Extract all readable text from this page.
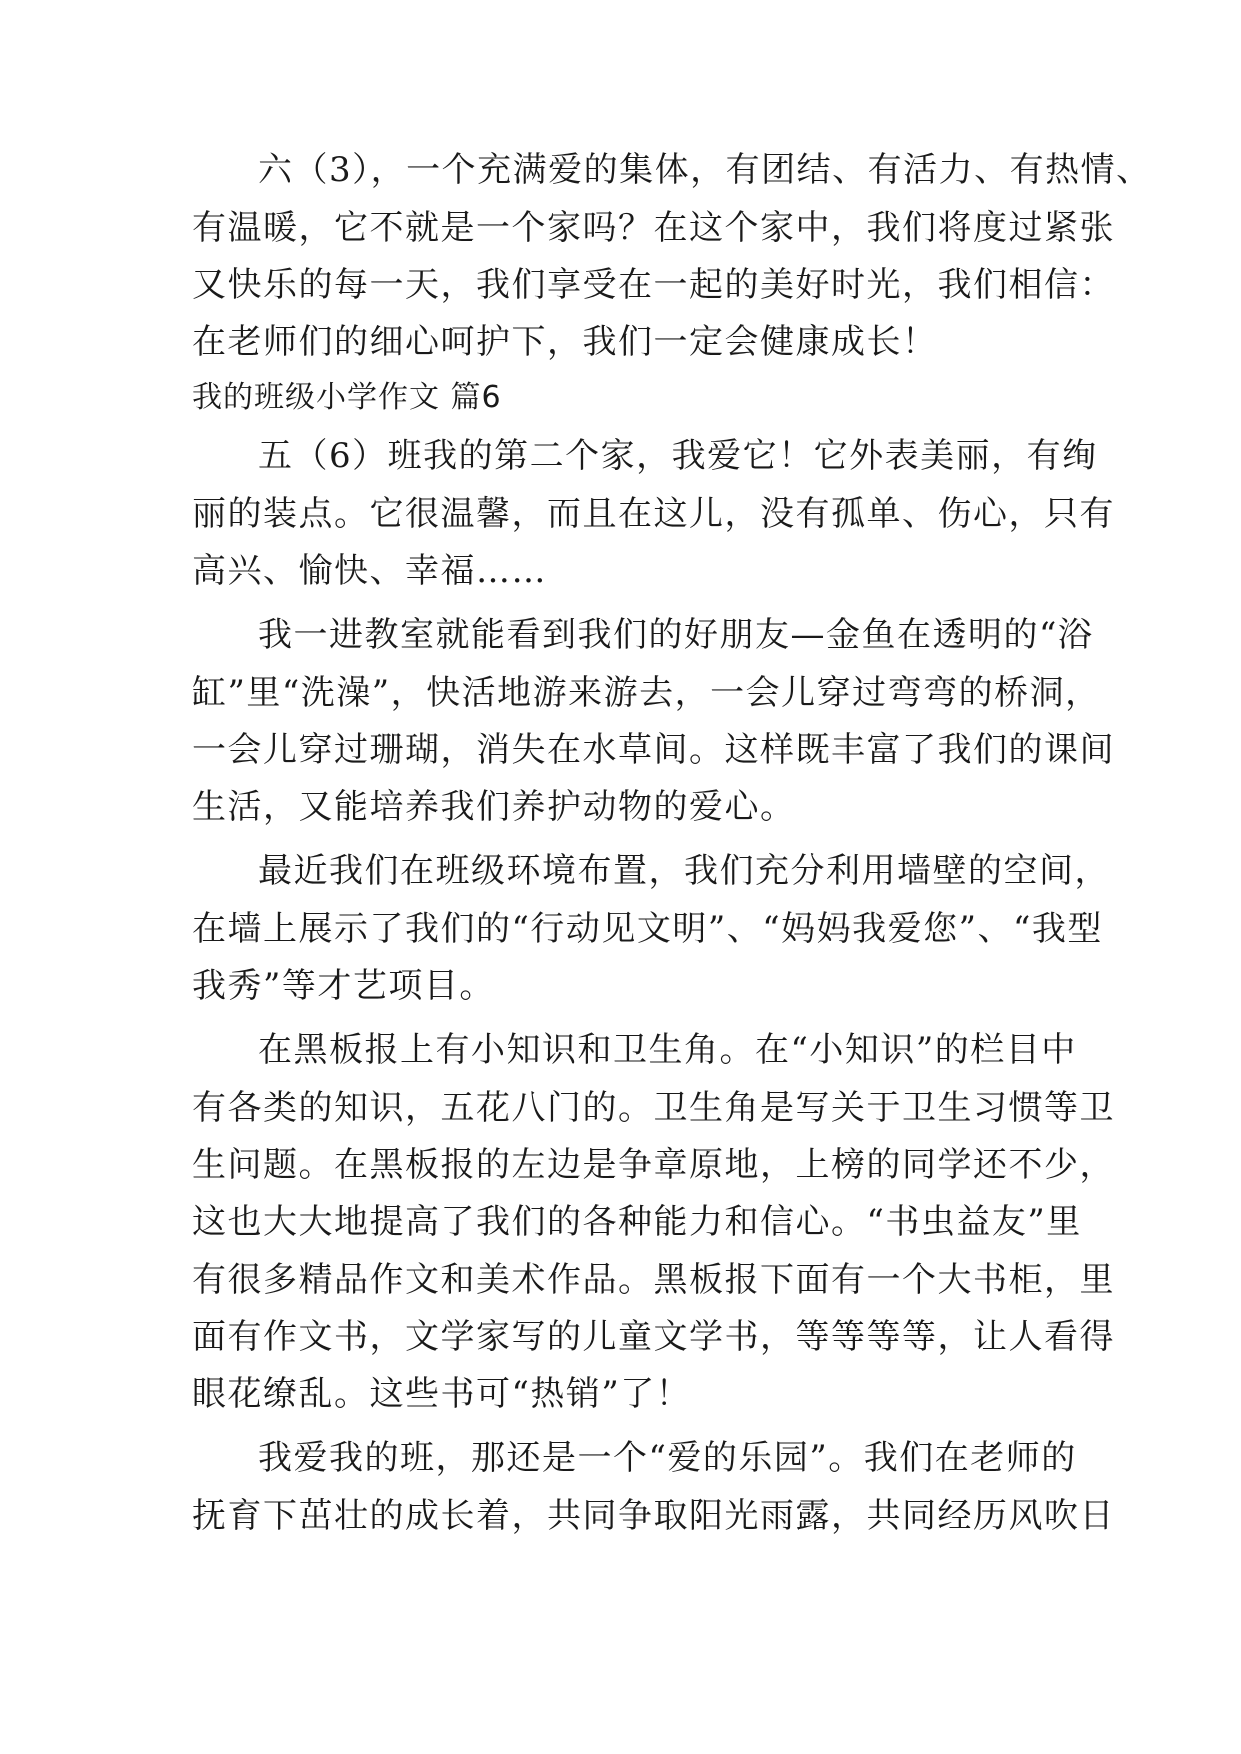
六（3），一个充满爱的集体，有团结、有活力、有热情、
有温暖，它不就是一个家吗？在这个家中，我们将度过紧张
又快乐的每一天，我们享受在一起的美好时光，我们相信：
在老师们的细心呵护下，我们一定会健康成长！
我的班级小学作文 篇6
五（6）班我的第二个家，我爱它！它外表美丽，有绚
丽的装点。它很温馨，而且在这儿，没有孤单、伤心，只有
高兴、愉快、幸福……
我一进教室就能看到我们的好朋友—金鱼在透明的“浴
缸”里“洗澡”，快活地游来游去，一会儿穿过弯弯的桥洞，
一会儿穿过珊瑚，消失在水草间。这样既丰富了我们的课间
生活，又能培养我们养护动物的爱心。
最近我们在班级环境布置，我们充分利用墙壁的空间，
在墙上展示了我们的“行动见文明”、“妈妈我爱您”、“我型
我秀”等才艺项目。
在黑板报上有小知识和卫生角。在“小知识”的栏目中
有各类的知识，五花八门的。卫生角是写关于卫生习惯等卫
生问题。在黑板报的左边是争章原地，上榜的同学还不少，
这也大大地提高了我们的各种能力和信心。“书虫益友”里
有很多精品作文和美术作品。黑板报下面有一个大书柜，里
面有作文书，文学家写的儿童文学书，等等等等，让人看得
眼花缭乱。这些书可“热销”了！
我爱我的班，那还是一个“爱的乐园”。我们在老师的
抚育下茁壮的成长着，共同争取阳光雨露，共同经历风吹日
